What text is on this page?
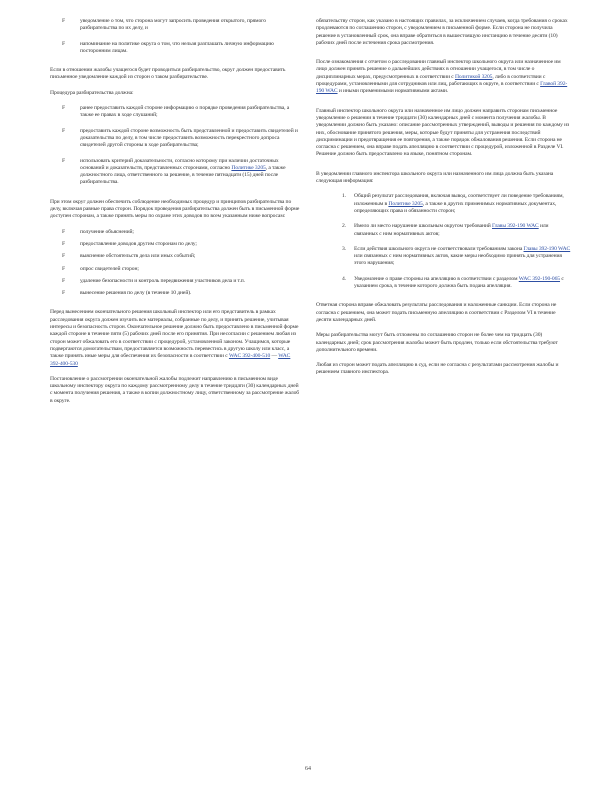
F	уведомление о том, что сторона могут запросить проведения открытого, прямого разбирательства по их делу, и

F	напоминание на политике округа о том, что нельзя разглашать личную информацию посторонним лицам.

Если в отношении жалобы учащегося будет проводиться разбирательство, округ должен предоставить письменное уведомление каждой из сторон о таком разбирательстве.

Процедура разбирательства должна:

F	ранее предоставить каждой стороне информацию о порядке проведения разбирательства, а также ее правах в ходе слушаний;

F	предоставить каждой стороне возможность быть представленной и предоставить свидетелей и доказательства по делу, в том числе предоставить возможность перекрестного допроса свидетелей другой стороны в ходе разбирательства;

F	использовать критерий доказательности, согласно которому при наличии достаточных оснований и доказательств, представленных сторонами, согласно Политике 3205, а также должностного лица, ответственного за решение, в течение пятнадцати (15) дней после разбирательства.

При этом округ должен обеспечить соблюдение необходимых процедур и принципов разбирательства по делу, включая равные права сторон. Порядок проведения разбирательства должен быть в письменной форме доступен сторонам, а также принять меры по охране этих доводов по всем указанным ниже вопросам:

F	получение объяснений;

F	предоставление доводов другим сторонам по делу;

F	выяснение обстоятельств дела или иных событий;

F	опрос свидетелей сторон;

F	удаление безопасности и контроль передвижения участников дела и т.п.

F	вынесение решения по делу (в течение 10 дней).

Перед вынесением окончательного решения школьный инспектор или его представитель в рамках расследования округа должен изучить все материалы, собранные по делу, и принять решение, учитывая интересы и безопасность сторон. Окончательное решение должно быть предоставлено в письменной форме каждой стороне в течение пяти (5) рабочих дней после его принятия. При несогласии с решением любая из сторон может обжаловать его в соответствии с процедурой, установленной законом. Учащимся, которые подвергаются домогательствам, предоставляется возможность перевестись в другую школу или класс, а также принять иные меры для обеспечения их безопасности в соответствии с WAC 392-400-510 — WAC 392-400-530

Постановление о рассмотрении окончательной жалобы подлежит направлению в письменном виде школьному инспектору округа по каждому рассмотренному делу в течение тридцати (30) календарных дней с момента получения решения, а также в копии должностному лицу, ответственному за рассмотрение жалоб в округе.

обязательству сторон, как указано в настоящих правилах, за исключением случаев, когда требования о сроках продлеваются по соглашению сторон, с уведомлением в письменной форме. Если сторона не получила решение в установленный срок, она вправе обратиться в вышестоящую инстанцию в течение десяти (10) рабочих дней после истечения срока рассмотрения.

После ознакомления с отчетом о расследовании главный инспектор школьного округа или назначенное им лицо должен принять решение о дальнейших действиях в отношении учащегося, в том числе о дисциплинарных мерах, предусмотренных в соответствии с Политикой 3205, либо в соответствии с процедурами, установленными для сотрудников или лиц, работающих в округе, в соответствии с Главой 392-190 WAC и иными применимыми нормативными актами.

Главный инспектор школьного округа или назначенное им лицо должен направить сторонам письменное уведомление о решении в течение тридцати (30) календарных дней с момента получения жалобы. В уведомлении должно быть указано: описание рассмотренных утверждений, выводы и решения по каждому из них, обоснование принятого решения, меры, которые будут приняты для устранения последствий дискриминации и предотвращения ее повторения, а также порядок обжалования решения. Если сторона не согласна с решением, она вправе подать апелляцию в соответствии с процедурой, изложенной в Разделе VI. Решение должно быть предоставлено на языке, понятном сторонам.

В уведомлении главного инспектора школьного округа или назначенного им лица должна быть указана следующая информация:

1. Общий результат расследования, включая вывод, соответствует ли поведение требованиям, изложенным в Политике 3205, а также в других применимых нормативных документах, определяющих права и обязанности сторон;

2. Имело ли место нарушение школьным округом требований Главы 392-190 WAC или связанных с ним нормативных актов;

3. Если действия школьного округа не соответствовали требованиям закона Главы 392-190 WAC или связанных с ним нормативных актов, какие меры необходимо принять для устранения этого нарушения;

4. Уведомление о праве стороны на апелляцию в соответствии с разделом WAC 392-190-065 с указанием срока, в течение которого должна быть подана апелляция.

Ответная сторона вправе обжаловать результаты расследования и наложенные санкции. Если сторона не согласна с решением, она может подать письменную апелляцию в соответствии с Разделом VI в течение десяти календарных дней.

Меры разбирательства могут быть отложены по соглашению сторон не более чем на тридцать (30) календарных дней; срок рассмотрения жалобы может быть продлен, только если обстоятельства требуют дополнительного времени.

Любая из сторон может подать апелляцию в суд, если не согласна с результатами рассмотрения жалобы и решением главного инспектора.

64
